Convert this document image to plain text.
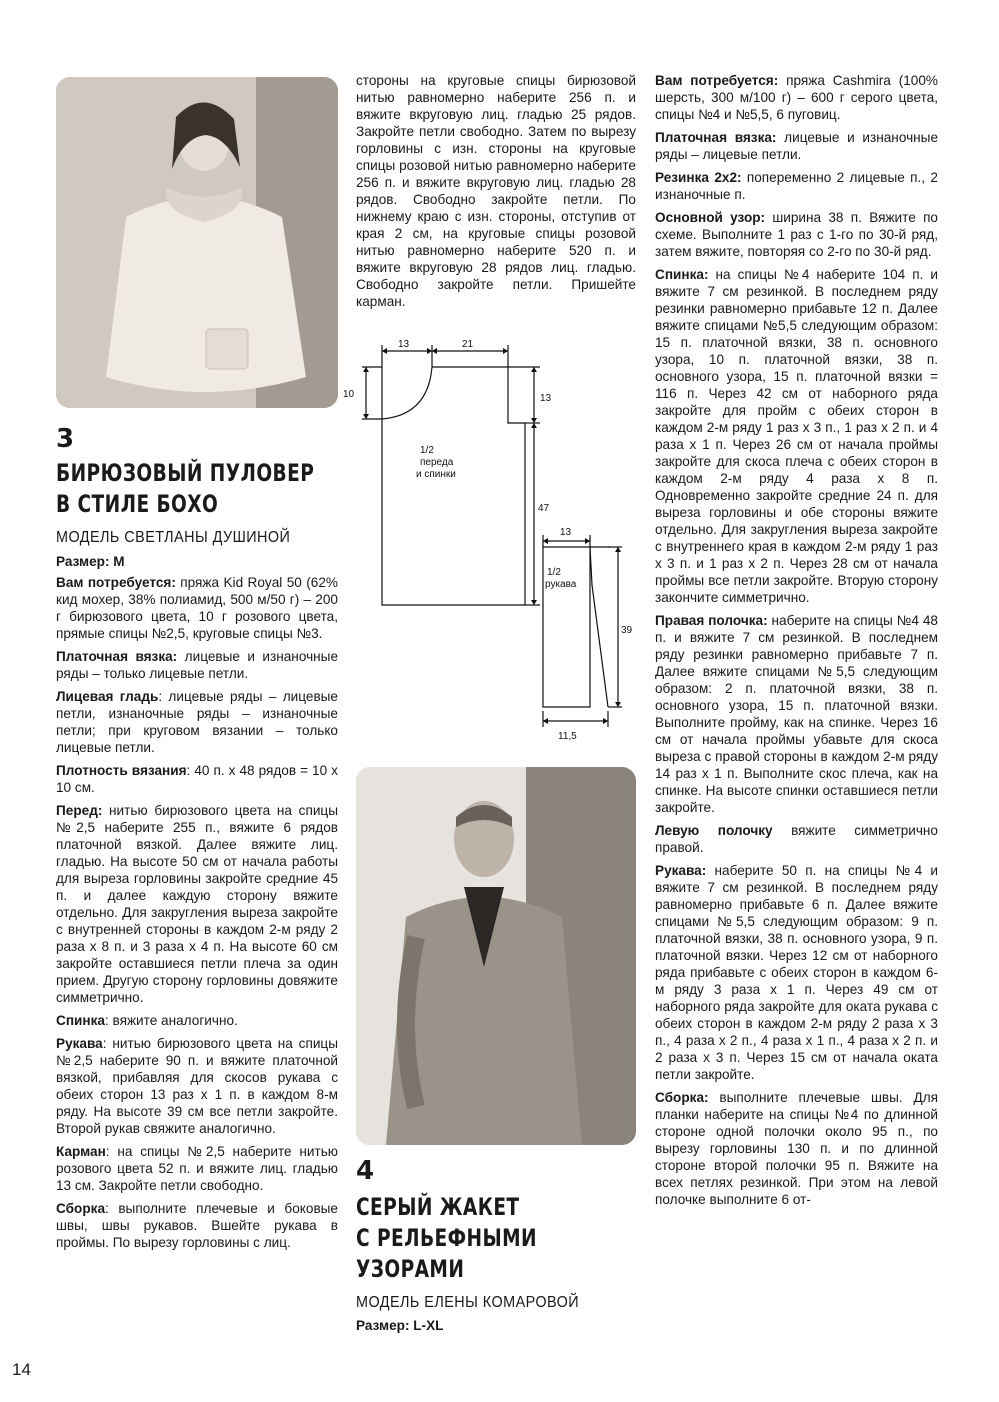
3
БИРЮЗОВЫЙ ПУЛОВЕР
В СТИЛЕ БОХО
МОДЕЛЬ СВЕТЛАНЫ ДУШИНОЙ
Размер: M

Вам потребуется: пряжа Kid Royal 50 (62% кид мохер, 38% полиамид, 500 м/50 г) – 200 г бирюзового цвета, 10 г розового цвета, прямые спицы №2,5, круговые спицы №3.

Платочная вязка: лицевые и изнаночные ряды – только лицевые петли.

Лицевая гладь: лицевые ряды – лицевые петли, изнаночные ряды – изнаночные петли; при круговом вязании – только лицевые петли.

Плотность вязания: 40 п. х 48 рядов = 10 х 10 см.

Перед: нитью бирюзового цвета на спицы №2,5 наберите 255 п., вяжите 6 рядов платочной вязкой. Далее вяжите лиц. гладью. На высоте 50 см от начала работы для выреза горловины закройте средние 45 п. и далее каждую сторону вяжите отдельно. Для закругления выреза закройте с внутренней стороны в каждом 2-м ряду 2 раза х 8 п. и 3 раза х 4 п. На высоте 60 см закройте оставшиеся петли плеча за один прием. Другую сторону горловины довяжите симметрично.

Спинка: вяжите аналогично.

Рукава: нитью бирюзового цвета на спицы №2,5 наберите 90 п. и вяжите платочной вязкой, прибавляя для скосов рукава с обеих сторон 13 раз х 1 п. в каждом 8-м ряду. На высоте 39 см все петли закройте. Второй рукав свяжите аналогично.

Карман: на спицы №2,5 наберите нитью розового цвета 52 п. и вяжите лиц. гладью 13 см. Закройте петли свободно.

Сборка: выполните плечевые и боковые швы, швы рукавов. Вшейте рукава в проймы. По вырезу горловины с лиц.

стороны на круговые спицы бирюзовой нитью равномерно наберите 256 п. и вяжите вкруговую лиц. гладью 25 рядов. Закройте петли свободно. Затем по вырезу горловины с изн. стороны на круговые спицы розовой нитью равномерно наберите 256 п. и вяжите вкруговую лиц. гладью 28 рядов. Свободно закройте петли. По нижнему краю с изн. стороны, отступив от края 2 см, на круговые спицы розовой нитью равномерно наберите 520 п. и вяжите вкруговую 28 рядов лиц. гладью. Свободно закройте петли. Пришейте карман.

13	21
10	13
47
1/2
переда
и спинки
13
1/2
рукава
39
11,5
4
СЕРЫЙ ЖАКЕТ
С РЕЛЬЕФНЫМИ
УЗОРАМИ
МОДЕЛЬ ЕЛЕНЫ КОМАРОВОЙ
Размер: L-XL

Вам потребуется: пряжа Cashmira (100% шерсть, 300 м/100 г) – 600 г серого цвета, спицы №4 и №5,5, 6 пуговиц.

Платочная вязка: лицевые и изнаночные ряды – лицевые петли.

Резинка 2х2: попеременно 2 лицевые п., 2 изнаночные п.

Основной узор: ширина 38 п. Вяжите по схеме. Выполните 1 раз с 1-го по 30-й ряд, затем вяжите, повторяя со 2-го по 30-й ряд.

Спинка: на спицы №4 наберите 104 п. и вяжите 7 см резинкой. В последнем ряду резинки равномерно прибавьте 12 п. Далее вяжите спицами №5,5 следующим образом: 15 п. платочной вязки, 38 п. основного узора, 10 п. платочной вязки, 38 п. основного узора, 15 п. платочной вязки = 116 п. Через 42 см от наборного ряда закройте для пройм с обеих сторон в каждом 2-м ряду 1 раз х 3 п., 1 раз х 2 п. и 4 раза х 1 п. Через 26 см от начала проймы закройте для скоса плеча с обеих сторон в каждом 2-м ряду 4 раза х 8 п. Одновременно закройте средние 24 п. для выреза горловины и обе стороны вяжите отдельно. Для закругления выреза закройте с внутреннего края в каждом 2-м ряду 1 раз х 3 п. и 1 раз х 2 п. Через 28 см от начала проймы все петли закройте. Вторую сторону закончите симметрично.

Правая полочка: наберите на спицы №4 48 п. и вяжите 7 см резинкой. В последнем ряду резинки равномерно прибавьте 7 п. Далее вяжите спицами №5,5 следующим образом: 2 п. платочной вязки, 38 п. основного узора, 15 п. платочной вязки. Выполните пройму, как на спинке. Через 16 см от начала проймы убавьте для скоса выреза с правой стороны в каждом 2-м ряду 14 раз х 1 п. Выполните скос плеча, как на спинке. На высоте спинки оставшиеся петли закройте.

Левую полочку вяжите симметрично правой.

Рукава: наберите 50 п. на спицы №4 и вяжите 7 см резинкой. В последнем ряду равномерно прибавьте 6 п. Далее вяжите спицами №5,5 следующим образом: 9 п. платочной вязки, 38 п. основного узора, 9 п. платочной вязки. Через 12 см от наборного ряда прибавьте с обеих сторон в каждом 6-м ряду 3 раза х 1 п. Через 49 см от наборного ряда закройте для оката рукава с обеих сторон в каждом 2-м ряду 2 раза х 3 п., 4 раза х 2 п., 4 раза х 1 п., 4 раза х 2 п. и 2 раза х 3 п. Через 15 см от начала оката петли закройте.

Сборка: выполните плечевые швы. Для планки наберите на спицы №4 по длинной стороне одной полочки около 95 п., по вырезу горловины 130 п. и по длинной стороне второй полочки 95 п. Вяжите на всех петлях резинкой. При этом на левой полочке выполните 6 от-

14
